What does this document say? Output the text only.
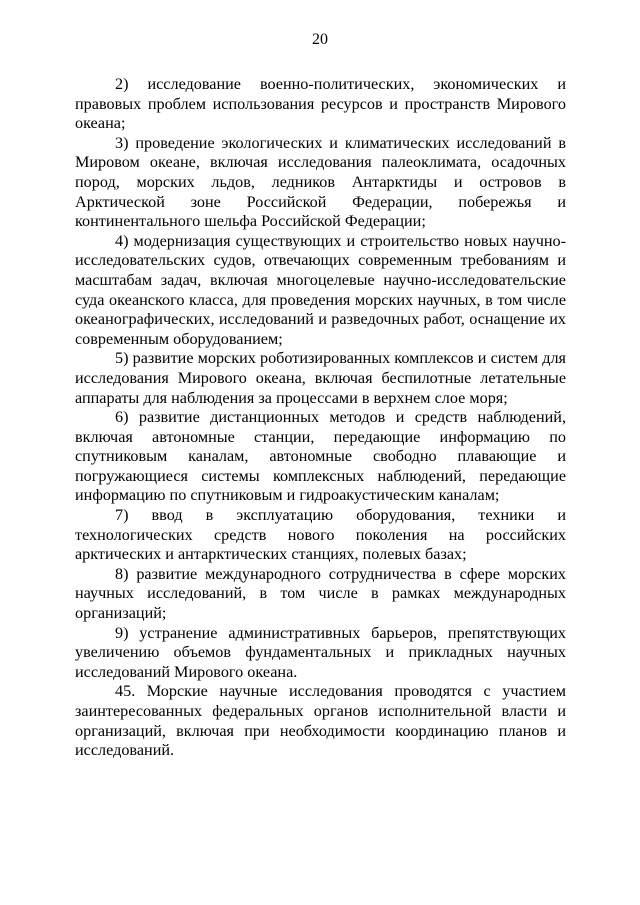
20

2) исследование военно-политических, экономических и правовых проблем использования ресурсов и пространств Мирового океана;

3) проведение экологических и климатических исследований в Мировом океане, включая исследования палеоклимата, осадочных пород, морских льдов, ледников Антарктиды и островов в Арктической зоне Российской Федерации, побережья и континентального шельфа Российской Федерации;

4) модернизация существующих и строительство новых научно-исследовательских судов, отвечающих современным требованиям и масштабам задач, включая многоцелевые научно-исследовательские суда океанского класса, для проведения морских научных, в том числе океанографических, исследований и разведочных работ, оснащение их современным оборудованием;

5) развитие морских роботизированных комплексов и систем для исследования Мирового океана, включая беспилотные летательные аппараты для наблюдения за процессами в верхнем слое моря;

6) развитие дистанционных методов и средств наблюдений, включая автономные станции, передающие информацию по спутниковым каналам, автономные свободно плавающие и погружающиеся системы комплексных наблюдений, передающие информацию по спутниковым и гидроакустическим каналам;

7) ввод в эксплуатацию оборудования, техники и технологических средств нового поколения на российских арктических и антарктических станциях, полевых базах;

8) развитие международного сотрудничества в сфере морских научных исследований, в том числе в рамках международных организаций;

9) устранение административных барьеров, препятствующих увеличению объемов фундаментальных и прикладных научных исследований Мирового океана.

45. Морские научные исследования проводятся с участием заинтересованных федеральных органов исполнительной власти и организаций, включая при необходимости координацию планов и исследований.
